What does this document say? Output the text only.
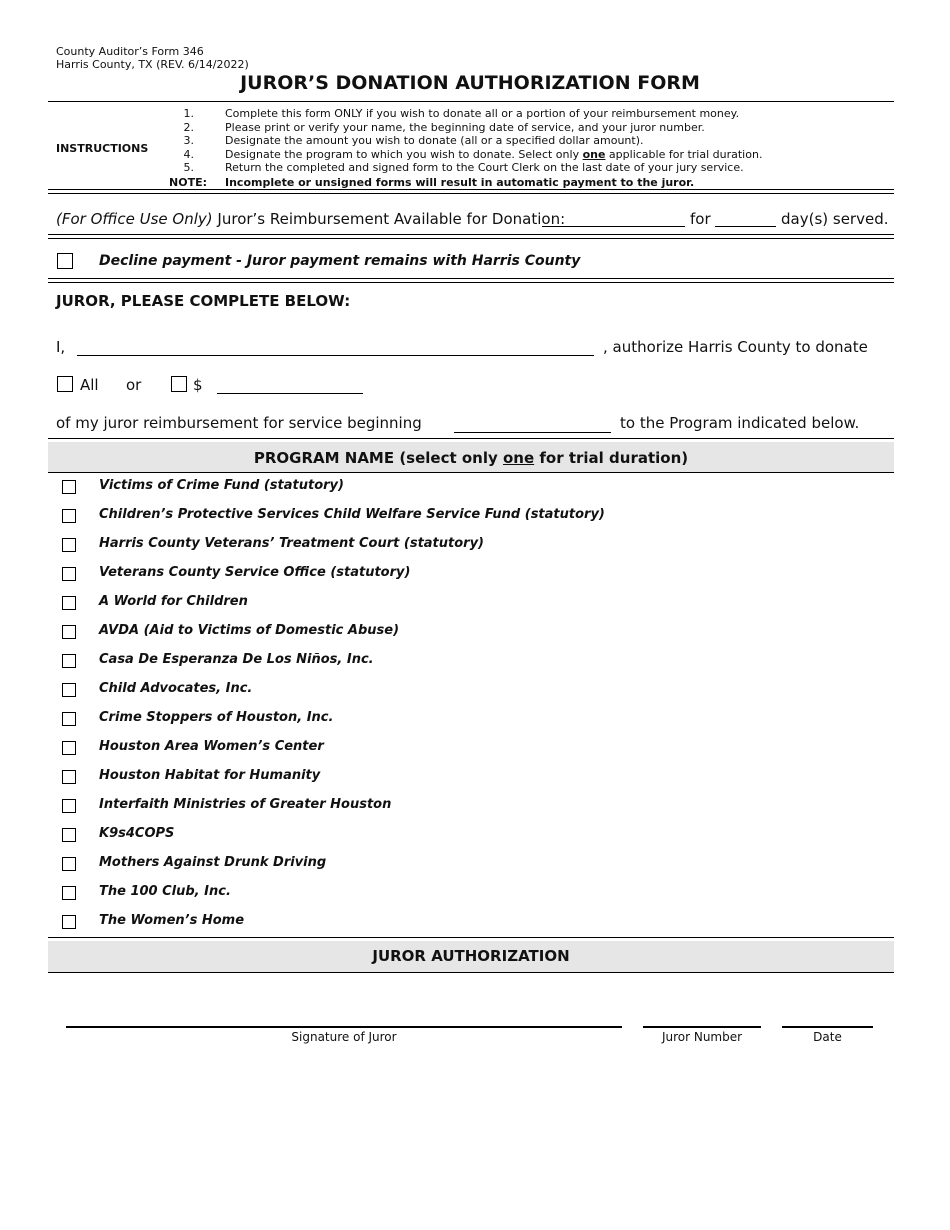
County Auditor’s Form 346
Harris County, TX (REV. 6/14/2022)
JUROR’S DONATION AUTHORIZATION FORM
INSTRUCTIONS
1.	Complete this form ONLY if you wish to donate all or a portion of your reimbursement money.
2.	Please print or verify your name, the beginning date of service, and your juror number.
3.	Designate the amount you wish to donate (all or a specified dollar amount).
4.	Designate the program to which you wish to donate. Select only one applicable for trial duration.
5.	Return the completed and signed form to the Court Clerk on the last date of your jury service.
NOTE: Incomplete or unsigned forms will result in automatic payment to the juror.
(For Office Use Only) Juror’s Reimbursement Available for Donation:	for	day(s) served.
Decline payment - Juror payment remains with Harris County
JUROR, PLEASE COMPLETE BELOW:
I,	, authorize Harris County to donate
All or	$
of my juror reimbursement for service beginning	to the Program indicated below.
PROGRAM NAME (select only one for trial duration)
Victims of Crime Fund (statutory)
Children’s Protective Services Child Welfare Service Fund (statutory)
Harris County Veterans’ Treatment Court (statutory)
Veterans County Service Office (statutory)
A World for Children
AVDA (Aid to Victims of Domestic Abuse)
Casa De Esperanza De Los Niños, Inc.
Child Advocates, Inc.
Crime Stoppers of Houston, Inc.
Houston Area Women’s Center
Houston Habitat for Humanity
Interfaith Ministries of Greater Houston
K9s4COPS
Mothers Against Drunk Driving
The 100 Club, Inc.
The Women’s Home
JUROR AUTHORIZATION
Signature of Juror	Juror Number	Date
